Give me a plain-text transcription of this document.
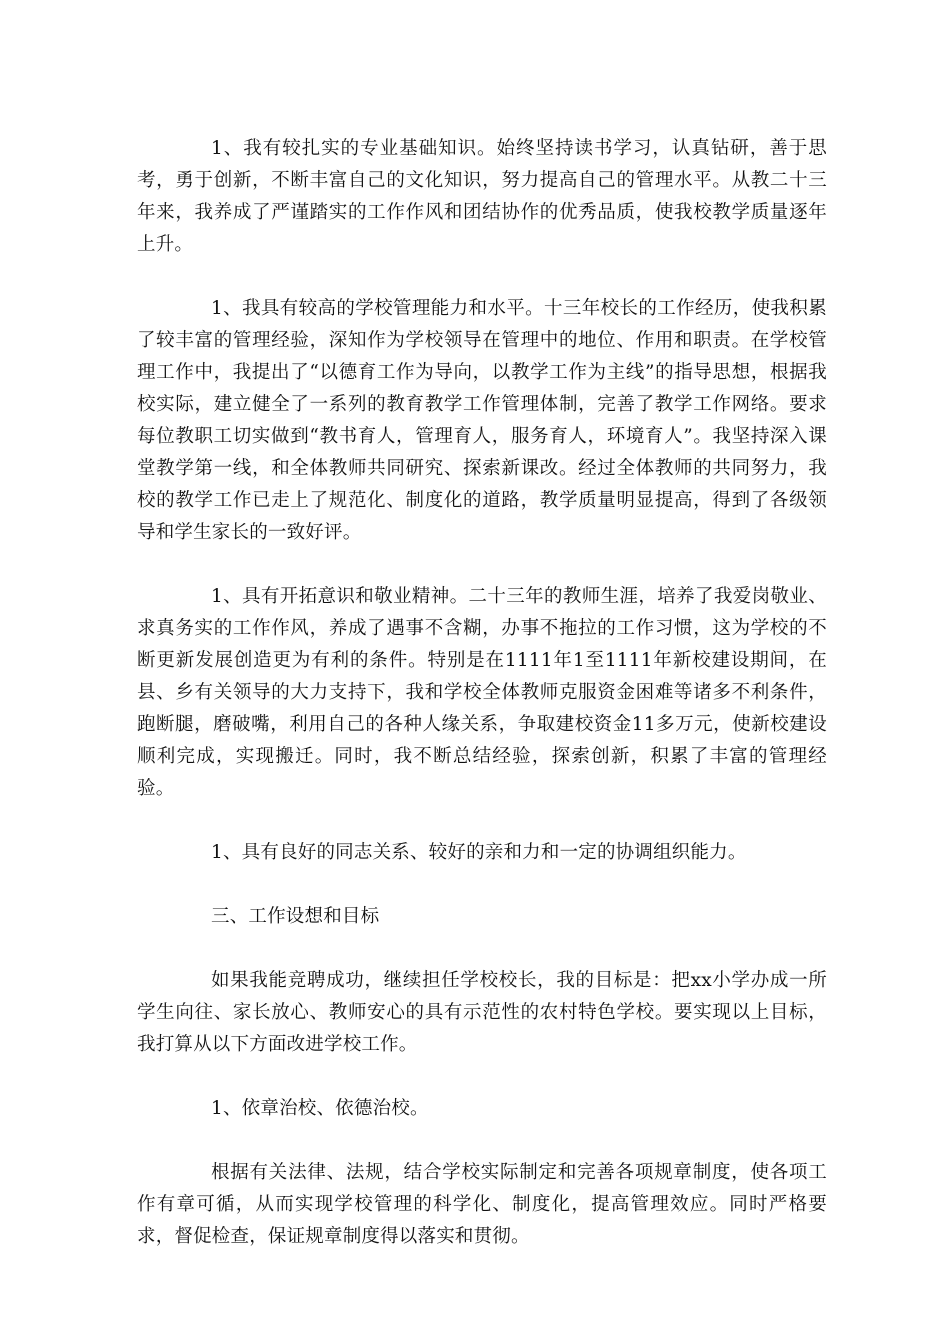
1、我有较扎实的专业基础知识。始终坚持读书学习，认真钻研，善于思考，勇于创新，不断丰富自己的文化知识，努力提高自己的管理水平。从教二十三年来，我养成了严谨踏实的工作作风和团结协作的优秀品质，使我校教学质量逐年上升。

1、我具有较高的学校管理能力和水平。十三年校长的工作经历，使我积累了较丰富的管理经验，深知作为学校领导在管理中的地位、作用和职责。在学校管理工作中，我提出了“以德育工作为导向，以教学工作为主线”的指导思想，根据我校实际，建立健全了一系列的教育教学工作管理体制，完善了教学工作网络。要求每位教职工切实做到“教书育人，管理育人，服务育人，环境育人”。我坚持深入课堂教学第一线，和全体教师共同研究、探索新课改。经过全体教师的共同努力，我校的教学工作已走上了规范化、制度化的道路，教学质量明显提高，得到了各级领导和学生家长的一致好评。

1、具有开拓意识和敬业精神。二十三年的教师生涯，培养了我爱岗敬业、求真务实的工作作风，养成了遇事不含糊，办事不拖拉的工作习惯，这为学校的不断更新发展创造更为有利的条件。特别是在1111年1至1111年新校建设期间，在县、乡有关领导的大力支持下，我和学校全体教师克服资金困难等诸多不利条件，跑断腿，磨破嘴，利用自己的各种人缘关系，争取建校资金11多万元，使新校建设顺利完成，实现搬迁。同时，我不断总结经验，探索创新，积累了丰富的管理经验。

1、具有良好的同志关系、较好的亲和力和一定的协调组织能力。

三、工作设想和目标

如果我能竞聘成功，继续担任学校校长，我的目标是：把xx小学办成一所学生向往、家长放心、教师安心的具有示范性的农村特色学校。要实现以上目标，我打算从以下方面改进学校工作。

1、依章治校、依德治校。

根据有关法律、法规，结合学校实际制定和完善各项规章制度，使各项工作有章可循，从而实现学校管理的科学化、制度化，提高管理效应。同时严格要求，督促检查，保证规章制度得以落实和贯彻。
